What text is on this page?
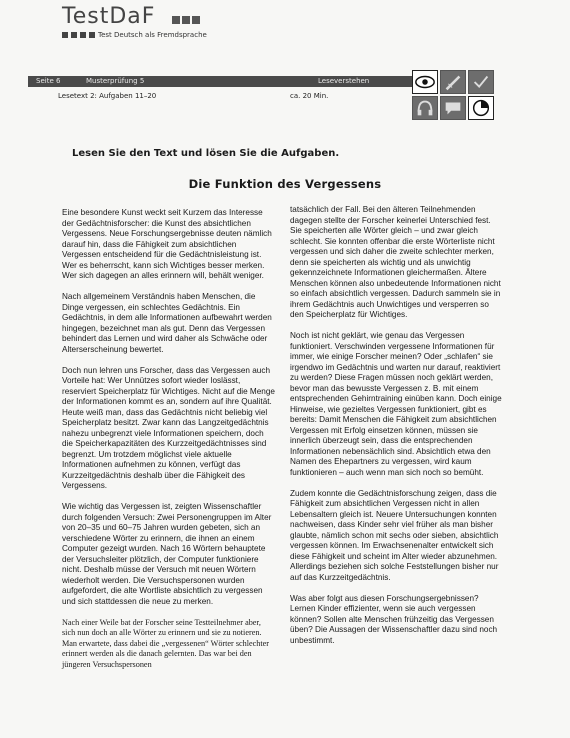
TestDaF
Test Deutsch als Fremdsprache
Seite 6	Musterprüfung 5	Leseverstehen
Lesetext 2: Aufgaben 11–20	ca. 20 Min.
Lesen Sie den Text und lösen Sie die Aufgaben.
Die Funktion des Vergessens

Eine besondere Kunst weckt seit Kurzem das Interesse der Gedächtnisforscher: die Kunst des absichtlichen Vergessens. Neue Forschungsergebnisse deuten nämlich darauf hin, dass die Fähigkeit zum absichtlichen Vergessen entscheidend für die Gedächtnisleistung ist. Wer es beherrscht, kann sich Wichtiges besser merken. Wer sich dagegen an alles erinnern will, behält weniger.

Nach allgemeinem Verständnis haben Menschen, die Dinge vergessen, ein schlechtes Gedächtnis. Ein Gedächtnis, in dem alle Informationen aufbewahrt werden hingegen, bezeichnet man als gut. Denn das Vergessen behindert das Lernen und wird daher als Schwäche oder Alterserscheinung bewertet.

Doch nun lehren uns Forscher, dass das Vergessen auch Vorteile hat: Wer Unnützes sofort wieder loslässt, reserviert Speicherplatz für Wichtiges. Nicht auf die Menge der Informationen kommt es an, sondern auf ihre Qualität. Heute weiß man, dass das Gedächtnis nicht beliebig viel Speicherplatz besitzt. Zwar kann das Langzeitgedächtnis nahezu unbegrenzt viele Informationen speichern, doch die Speicherkapazitäten des Kurzzeitgedächtnisses sind begrenzt. Um trotzdem möglichst viele aktuelle Informationen aufnehmen zu können, verfügt das Kurzzeitgedächtnis deshalb über die Fähigkeit des Vergessens.

Wie wichtig das Vergessen ist, zeigten Wissenschaftler durch folgenden Versuch: Zwei Personengruppen im Alter von 20–35 und 60–75 Jahren wurden gebeten, sich an verschiedene Wörter zu erinnern, die ihnen an einem Computer gezeigt wurden. Nach 16 Wörtern behauptete der Versuchsleiter plötzlich, der Computer funktioniere nicht. Deshalb müsse der Versuch mit neuen Wörtern wiederholt werden. Die Versuchspersonen wurden aufgefordert, die alte Wortliste absichtlich zu vergessen und sich stattdessen die neue zu merken.

Nach einer Weile bat der Forscher seine Testteilnehmer aber, sich nun doch an alle Wörter zu erinnern und sie zu notieren. Man erwartete, dass dabei die „vergessenen“ Wörter schlechter erinnert werden als die danach gelernten. Das war bei den jüngeren Versuchspersonen

tatsächlich der Fall. Bei den älteren Teilnehmenden dagegen stellte der Forscher keinerlei Unterschied fest. Sie speicherten alle Wörter gleich – und zwar gleich schlecht. Sie konnten offenbar die erste Wörterliste nicht vergessen und sich daher die zweite schlechter merken, denn sie speicherten als wichtig und als unwichtig gekennzeichnete Informationen gleichermaßen. Ältere Menschen können also unbedeutende Informationen nicht so einfach absichtlich vergessen. Dadurch sammeln sie in ihrem Gedächtnis auch Unwichtiges und versperren so den Speicherplatz für Wichtiges.

Noch ist nicht geklärt, wie genau das Vergessen funktioniert. Verschwinden vergessene Informationen für immer, wie einige Forscher meinen? Oder „schlafen“ sie irgendwo im Gedächtnis und warten nur darauf, reaktiviert zu werden? Diese Fragen müssen noch geklärt werden, bevor man das bewusste Vergessen z. B. mit einem entsprechenden Gehirntraining einüben kann. Doch einige Hinweise, wie gezieltes Vergessen funktioniert, gibt es bereits: Damit Menschen die Fähigkeit zum absichtlichen Vergessen mit Erfolg einsetzen können, müssen sie innerlich überzeugt sein, dass die entsprechenden Informationen nebensächlich sind. Absichtlich etwa den Namen des Ehepartners zu vergessen, wird kaum funktionieren – auch wenn man sich noch so bemüht.

Zudem konnte die Gedächtnisforschung zeigen, dass die Fähigkeit zum absichtlichen Vergessen nicht in allen Lebensaltern gleich ist. Neuere Untersuchungen konnten nachweisen, dass Kinder sehr viel früher als man bisher glaubte, nämlich schon mit sechs oder sieben, absichtlich vergessen können. Im Erwachsenenalter entwickelt sich diese Fähigkeit und scheint im Alter wieder abzunehmen. Allerdings beziehen sich solche Feststellungen bisher nur auf das Kurzzeitgedächtnis.

Was aber folgt aus diesen Forschungsergebnissen? Lernen Kinder effizienter, wenn sie auch vergessen können? Sollen alte Menschen frühzeitig das Vergessen üben? Die Aussagen der Wissenschaftler dazu sind noch unbestimmt.
